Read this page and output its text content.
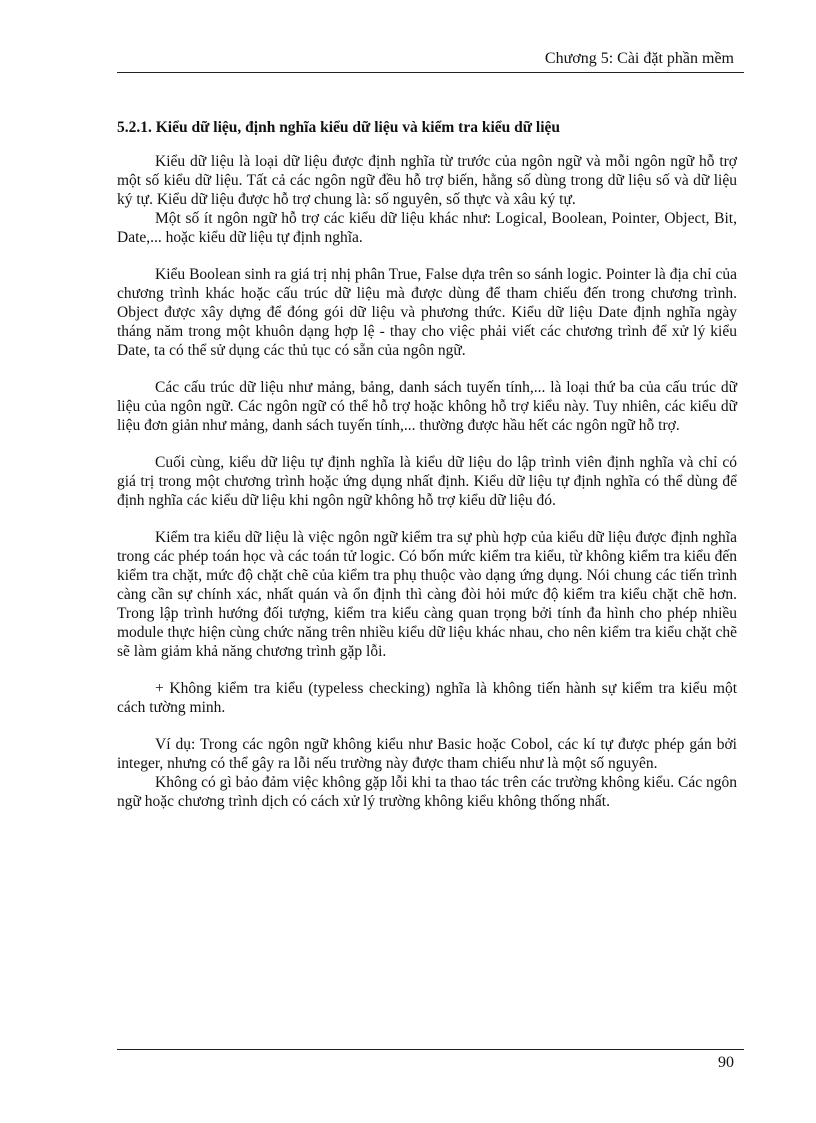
Chương 5: Cài đặt phần mềm
5.2.1. Kiểu dữ liệu, định nghĩa kiểu dữ liệu và kiểm tra kiểu dữ liệu

Kiểu dữ liệu là loại dữ liệu được định nghĩa từ trước của ngôn ngữ và mỗi ngôn ngữ hỗ trợ một số kiểu dữ liệu. Tất cả các ngôn ngữ đều hỗ trợ biến, hằng số dùng trong dữ liệu số và dữ liệu ký tự. Kiểu dữ liệu được hỗ trợ chung là: số nguyên, số thực và xâu ký tự.

Một số ít ngôn ngữ hỗ trợ các kiểu dữ liệu khác như: Logical, Boolean, Pointer, Object, Bit, Date,... hoặc kiểu dữ liệu tự định nghĩa.

Kiểu Boolean sinh ra giá trị nhị phân True, False dựa trên so sánh logic. Pointer là địa chỉ của chương trình khác hoặc cấu trúc dữ liệu mà được dùng để tham chiếu đến trong chương trình. Object được xây dựng để đóng gói dữ liệu và phương thức. Kiểu dữ liệu Date định nghĩa ngày tháng năm trong một khuôn dạng hợp lệ - thay cho việc phải viết các chương trình để xử lý kiểu Date, ta có thể sử dụng các thủ tục có sẵn của ngôn ngữ.

Các cấu trúc dữ liệu như mảng, bảng, danh sách tuyến tính,... là loại thứ ba của cấu trúc dữ liệu của ngôn ngữ. Các ngôn ngữ có thể hỗ trợ hoặc không hỗ trợ kiểu này. Tuy nhiên, các kiểu dữ liệu đơn giản như mảng, danh sách tuyến tính,... thường được hầu hết các ngôn ngữ hỗ trợ.

Cuối cùng, kiểu dữ liệu tự định nghĩa là kiểu dữ liệu do lập trình viên định nghĩa và chỉ có giá trị trong một chương trình hoặc ứng dụng nhất định. Kiểu dữ liệu tự định nghĩa có thể dùng để định nghĩa các kiểu dữ liệu khi ngôn ngữ không hỗ trợ kiểu dữ liệu đó.

Kiểm tra kiểu dữ liệu là việc ngôn ngữ kiểm tra sự phù hợp của kiểu dữ liệu được định nghĩa trong các phép toán học và các toán tử logic. Có bốn mức kiểm tra kiểu, từ không kiểm tra kiểu đến kiểm tra chặt, mức độ chặt chẽ của kiểm tra phụ thuộc vào dạng ứng dụng. Nói chung các tiến trình càng cần sự chính xác, nhất quán và ổn định thì càng đòi hỏi mức độ kiểm tra kiểu chặt chẽ hơn. Trong lập trình hướng đối tượng, kiểm tra kiểu càng quan trọng bởi tính đa hình cho phép nhiều module thực hiện cùng chức năng trên nhiều kiểu dữ liệu khác nhau, cho nên kiểm tra kiểu chặt chẽ sẽ làm giảm khả năng chương trình gặp lỗi.

+ Không kiểm tra kiểu (typeless checking) nghĩa là không tiến hành sự kiểm tra kiểu một cách tường minh.

Ví dụ: Trong các ngôn ngữ không kiểu như Basic hoặc Cobol, các kí tự được phép gán bởi integer, nhưng có thể gây ra lỗi nếu trường này được tham chiếu như là một số nguyên.

Không có gì bảo đảm việc không gặp lỗi khi ta thao tác trên các trường không kiểu. Các ngôn ngữ hoặc chương trình dịch có cách xử lý trường không kiểu không thống nhất.

90
